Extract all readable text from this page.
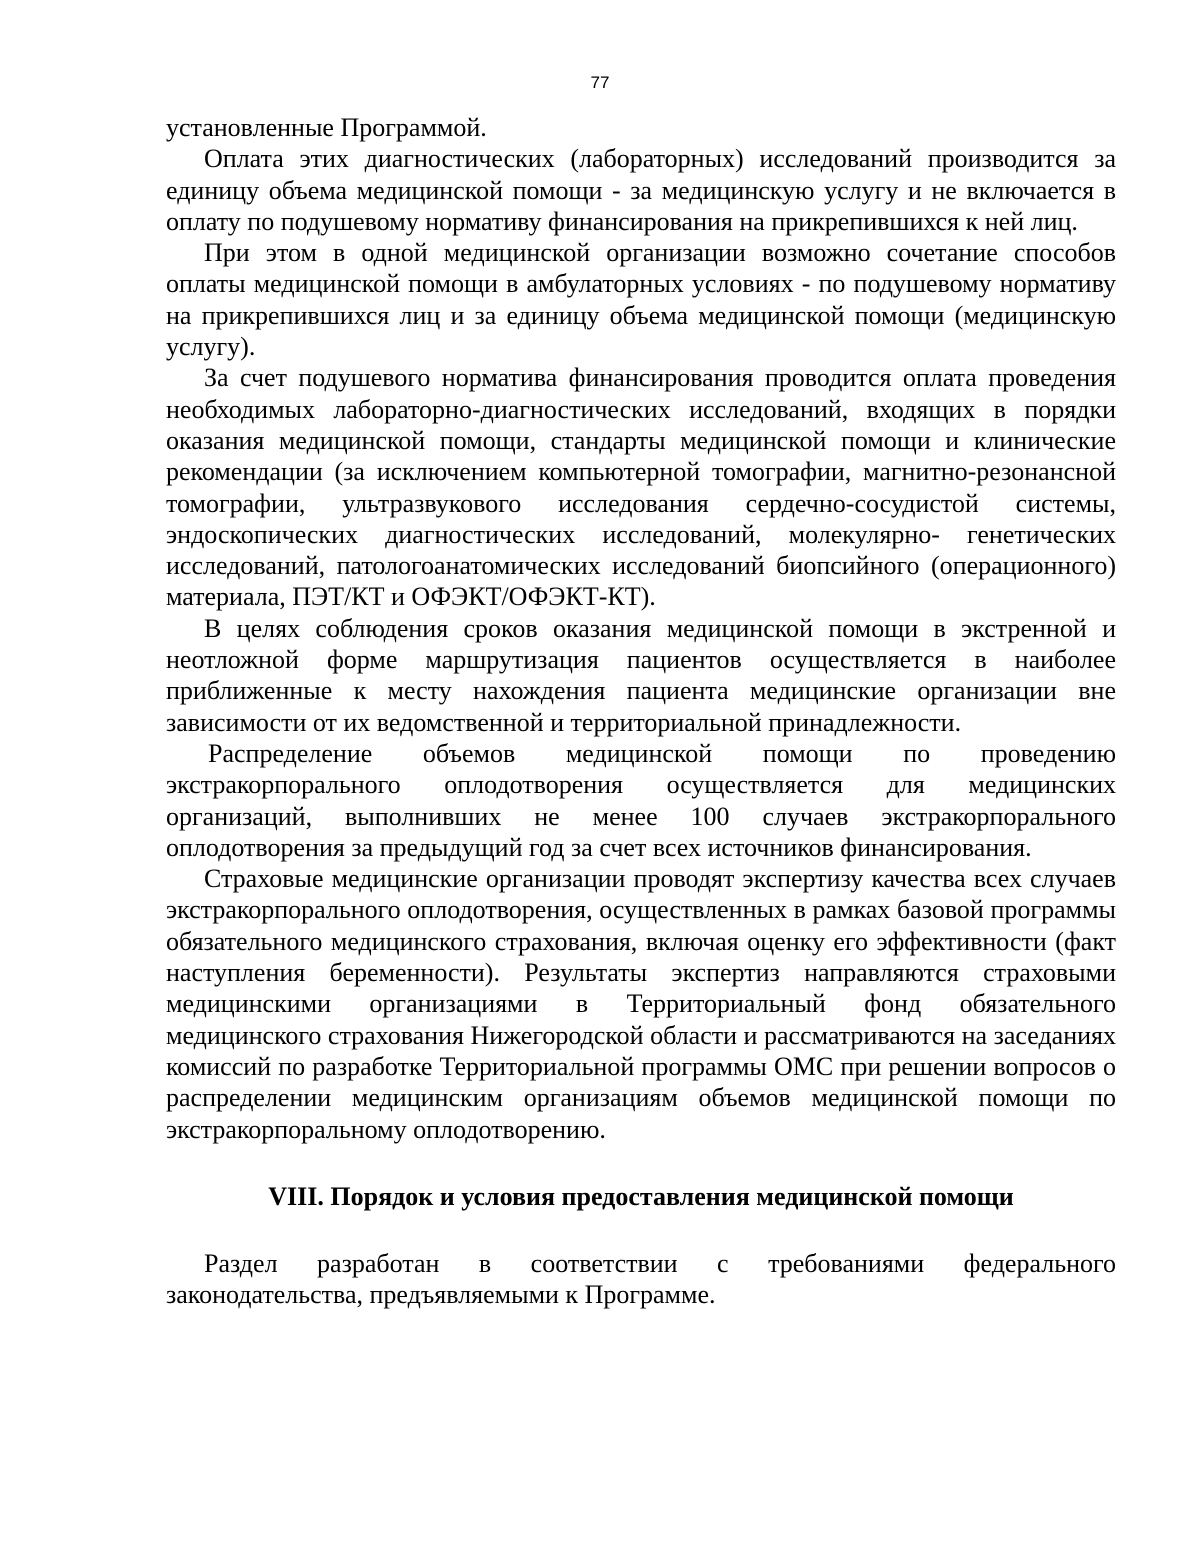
77

установленные Программой.

Оплата этих диагностических (лабораторных) исследований производится за единицу объема медицинской помощи - за медицинскую услугу и не включается в оплату по подушевому нормативу финансирования на прикрепившихся к ней лиц.

При этом в одной медицинской организации возможно сочетание способов оплаты медицинской помощи в амбулаторных условиях - по подушевому нормативу на прикрепившихся лиц и за единицу объема медицинской помощи (медицинскую услугу).

За счет подушевого норматива финансирования проводится оплата проведения необходимых лабораторно-диагностических исследований, входящих в порядки оказания медицинской помощи, стандарты медицинской помощи и клинические рекомендации (за исключением компьютерной томографии, магнитно-резонансной томографии, ультразвукового исследования сердечно-сосудистой системы, эндоскопических диагностических исследований, молекулярно- генетических исследований, патологоанатомических исследований биопсийного (операционного) материала, ПЭТ/КТ и ОФЭКТ/ОФЭКТ-КТ).

В целях соблюдения сроков оказания медицинской помощи в экстренной и неотложной форме маршрутизация пациентов осуществляется в наиболее приближенные к месту нахождения пациента медицинские организации вне зависимости от их ведомственной и территориальной принадлежности.

Распределение объемов медицинской помощи по проведению экстракорпорального оплодотворения осуществляется для медицинских организаций, выполнивших не менее 100 случаев экстракорпорального оплодотворения за предыдущий год за счет всех источников финансирования.

Страховые медицинские организации проводят экспертизу качества всех случаев экстракорпорального оплодотворения, осуществленных в рамках базовой программы обязательного медицинского страхования, включая оценку его эффективности (факт наступления беременности). Результаты экспертиз направляются страховыми медицинскими организациями в Территориальный фонд обязательного медицинского страхования Нижегородской области и рассматриваются на заседаниях комиссий по разработке Территориальной программы ОМС при решении вопросов о распределении медицинским организациям объемов медицинской помощи по экстракорпоральному оплодотворению.

VIII. Порядок и условия предоставления медицинской помощи

Раздел разработан в соответствии с требованиями федерального законодательства, предъявляемыми к Программе.
